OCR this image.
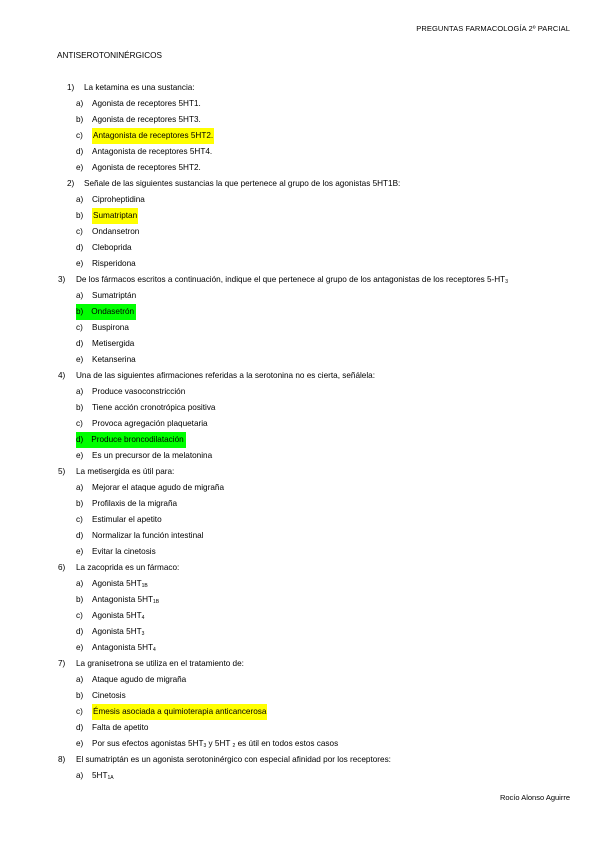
PREGUNTAS FARMACOLOGÍA 2º PARCIAL
ANTISEROTONINÉRGICOS
1) La ketamina es una sustancia:
a) Agonista de receptores 5HT1.
b) Agonista de receptores 5HT3.
c) Antagonista de receptores 5HT2.
d) Antagonista de receptores 5HT4.
e) Agonista de receptores 5HT2.
2) Señale de las siguientes sustancias la que pertenece al grupo de los agonistas 5HT1B:
a) Ciproheptidina
b) Sumatriptan
c) Ondansetron
d) Cleboprida
e) Risperidona
3) De los fármacos escritos a continuación, indique el que pertenece al grupo de los antagonistas de los receptores $5-HT_3$
a) Sumatriptán
b) Ondasetrón
c) Buspirona
d) Metisergida
e) Ketanserina
4) Una de las siguientes afirmaciones referidas a la serotonina no es cierta, señálela:
a) Produce vasoconstricción
b) Tiene acción cronotrópica positiva
c) Provoca agregación plaquetaria
d) Produce broncodilatación
e) Es un precursor de la melatonina
5) La metisergida es útil para:
a) Mejorar el ataque agudo de migraña
b) Profilaxis de la migraña
c) Estimular el apetito
d) Normalizar la función intestinal
e) Evitar la cinetosis
6) La zacoprida es un fármaco:
a) Agonista $5HT_{1B}$
b) Antagonista $5HT_{1B}$
c) Agonista $5HT_4$
d) Agonista $5HT_3$
e) Antagonista $5HT_4$
7) La granisetrona se utiliza en el tratamiento de:
a) Ataque agudo de migraña
b) Cinetosis
c) Émesis asociada a quimioterapia anticancerosa
d) Falta de apetito
e) Por sus efectos agonistas $5HT_3$ y 5HT $_2$ es útil en todos estos casos
8) El sumatriptán es un agonista serotoninérgico con especial afinidad por los receptores:
a) $5HT_{1A}$
Rocío Alonso Aguirre
